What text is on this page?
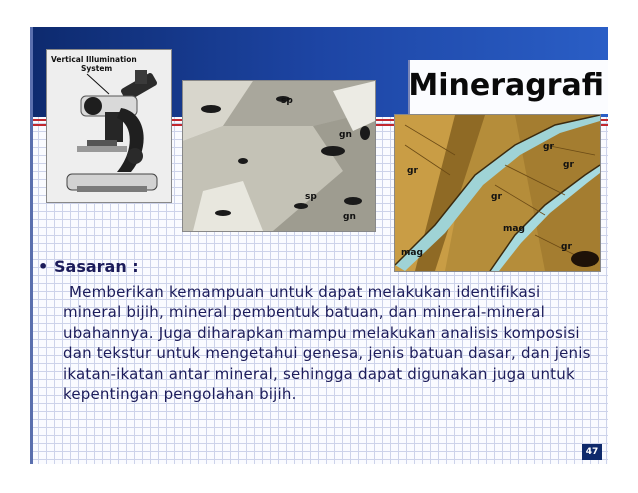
Mineragrafi
Vertical Illumination
System
sp
gn
sp
gn
gr
gr
gr
gr
mag
mag
gr

• Sasaran :

Memberikan kemampuan untuk dapat melakukan identifikasi mineral bijih, mineral pembentuk batuan, dan mineral-mineral ubahannya. Juga diharapkan mampu melakukan analisis komposisi dan tekstur untuk mengetahui genesa, jenis batuan dasar, dan jenis ikatan-ikatan antar mineral, sehingga dapat digunakan juga untuk kepentingan pengolahan bijih.

47
